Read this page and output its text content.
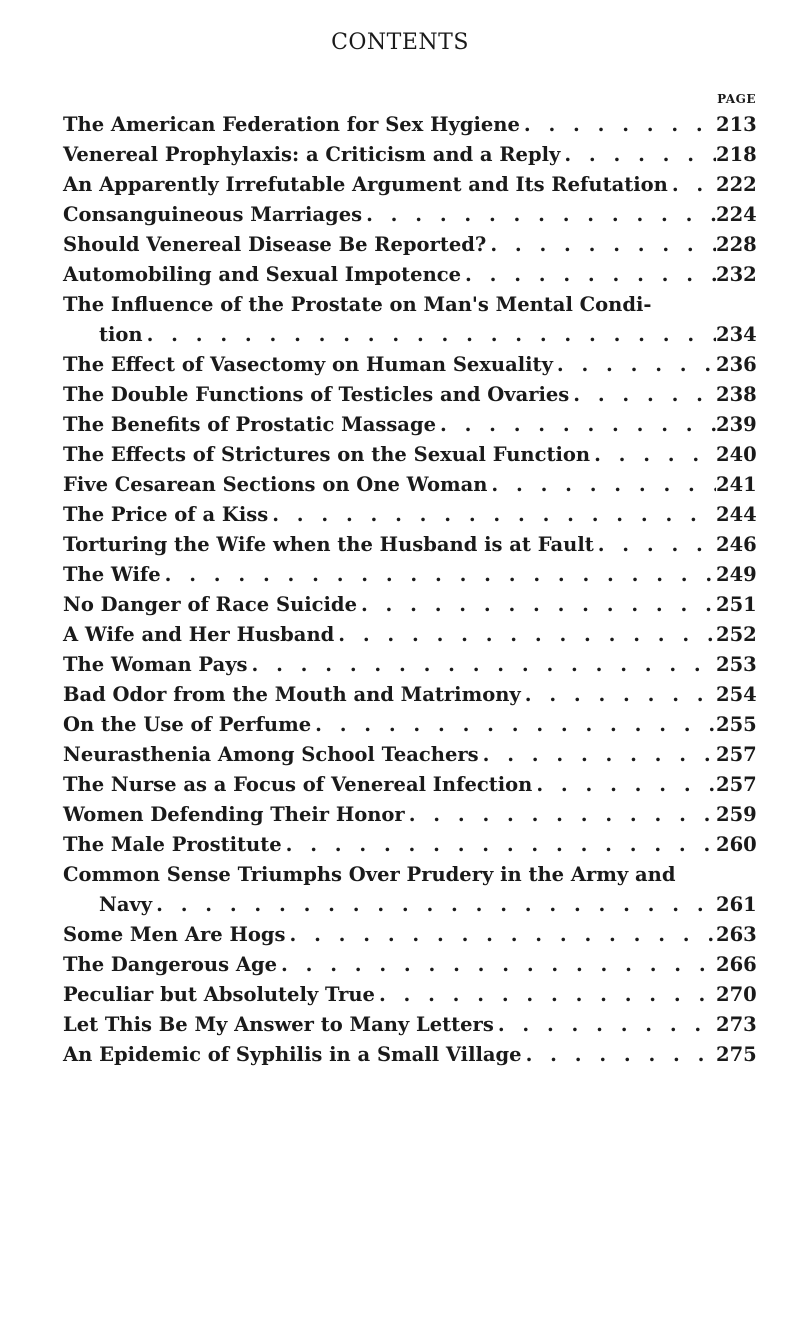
CONTENTS
PAGE
The American Federation for Sex Hygiene . . .	213
Venereal Prophylaxis: a Criticism and a Reply . . .	218
An Apparently Irrefutable Argument and Its Refutation . . . 222
Consanguineous Marriages . . .	224
Should Venereal Disease Be Reported? . . .	228
Automobiling and Sexual Impotence . . .	232
The Influence of the Prostate on Man's Mental Condi-
tion . . .	234
The Effect of Vasectomy on Human Sexuality . . .	236
The Double Functions of Testicles and Ovaries . . .	238
The Benefits of Prostatic Massage . . .	239
The Effects of Strictures on the Sexual Function . . .	240
Five Cesarean Sections on One Woman . . .	241
The Price of a Kiss . . .	244
Torturing the Wife when the Husband is at Fault . . .	246
The Wife . . .	249
No Danger of Race Suicide . . .	251
A Wife and Her Husband . . .	252
The Woman Pays . . .	253
Bad Odor from the Mouth and Matrimony . . .	254
On the Use of Perfume . . .	255
Neurasthenia Among School Teachers . . .	257
The Nurse as a Focus of Venereal Infection . . .	257
Women Defending Their Honor . . .	259
The Male Prostitute . . .	260
Common Sense Triumphs Over Prudery in the Army and
Navy . . .	261
Some Men Are Hogs . . .	263
The Dangerous Age . . .	266
Peculiar but Absolutely True . . .	270
Let This Be My Answer to Many Letters . . .	273
An Epidemic of Syphilis in a Small Village . . .	275
